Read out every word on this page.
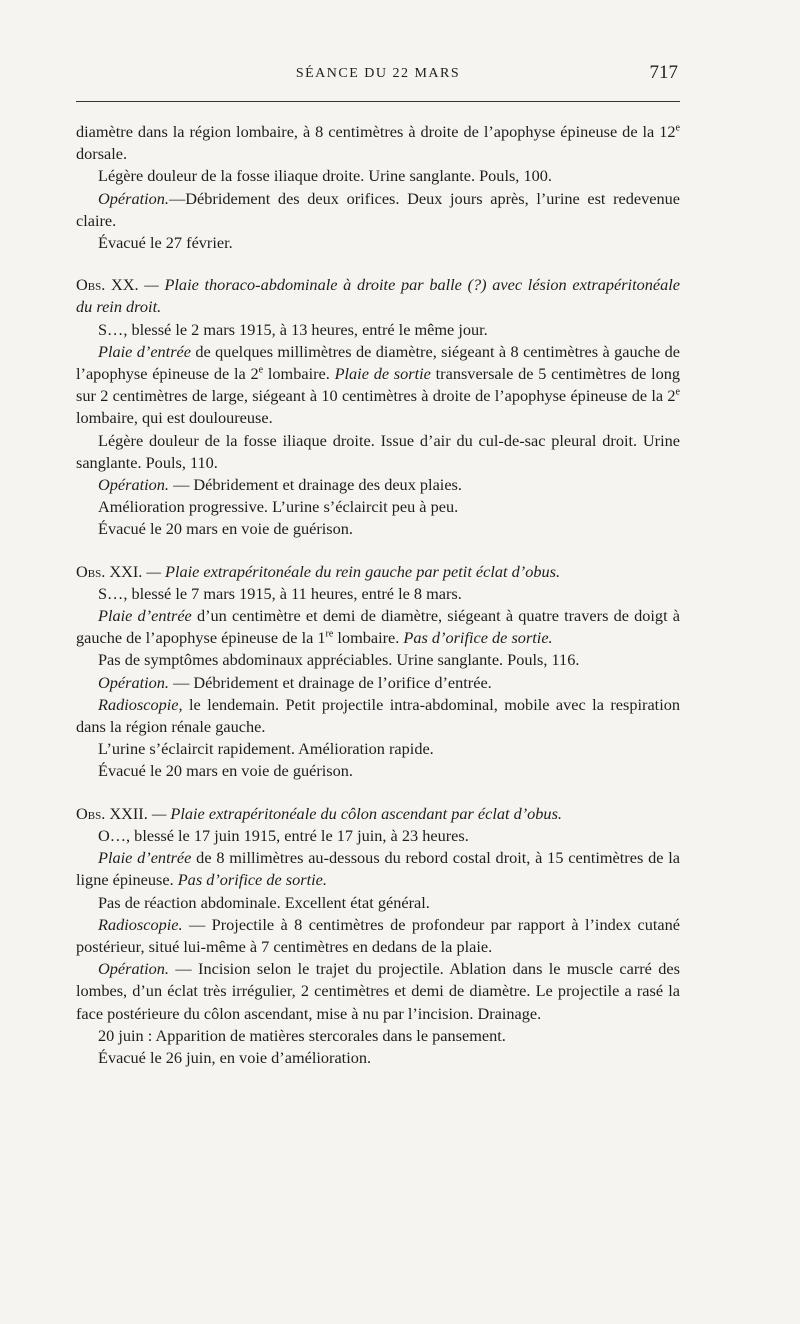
SÉANCE DU 22 MARS	717

diamètre dans la région lombaire, à 8 centimètres à droite de l’apophyse épineuse de la 12e dorsale.

Légère douleur de la fosse iliaque droite. Urine sanglante. Pouls, 100.

Opération.—Débridement des deux orifices. Deux jours après, l’urine est redevenue claire.

Évacué le 27 février.

Obs. XX. — Plaie thoraco-abdominale à droite par balle (?) avec lésion extrapéritonéale du rein droit.

S…, blessé le 2 mars 1915, à 13 heures, entré le même jour.

Plaie d’entrée de quelques millimètres de diamètre, siégeant à 8 centimètres à gauche de l’apophyse épineuse de la 2e lombaire. Plaie de sortie transversale de 5 centimètres de long sur 2 centimètres de large, siégeant à 10 centimètres à droite de l’apophyse épineuse de la 2e lombaire, qui est douloureuse.

Légère douleur de la fosse iliaque droite. Issue d’air du cul-de-sac pleural droit. Urine sanglante. Pouls, 110.

Opération. — Débridement et drainage des deux plaies.

Amélioration progressive. L’urine s’éclaircit peu à peu.

Évacué le 20 mars en voie de guérison.

Obs. XXI. — Plaie extrapéritonéale du rein gauche par petit éclat d’obus.

S…, blessé le 7 mars 1915, à 11 heures, entré le 8 mars.

Plaie d’entrée d’un centimètre et demi de diamètre, siégeant à quatre travers de doigt à gauche de l’apophyse épineuse de la 1re lombaire. Pas d’orifice de sortie.

Pas de symptômes abdominaux appréciables. Urine sanglante. Pouls, 116.

Opération. — Débridement et drainage de l’orifice d’entrée.

Radioscopie, le lendemain. Petit projectile intra-abdominal, mobile avec la respiration dans la région rénale gauche.

L’urine s’éclaircit rapidement. Amélioration rapide.

Évacué le 20 mars en voie de guérison.

Obs. XXII. — Plaie extrapéritonéale du côlon ascendant par éclat d’obus.

O…, blessé le 17 juin 1915, entré le 17 juin, à 23 heures.

Plaie d’entrée de 8 millimètres au-dessous du rebord costal droit, à 15 centimètres de la ligne épineuse. Pas d’orifice de sortie.

Pas de réaction abdominale. Excellent état général.

Radioscopie. — Projectile à 8 centimètres de profondeur par rapport à l’index cutané postérieur, situé lui-même à 7 centimètres en dedans de la plaie.

Opération. — Incision selon le trajet du projectile. Ablation dans le muscle carré des lombes, d’un éclat très irrégulier, 2 centimètres et demi de diamètre. Le projectile a rasé la face postérieure du côlon ascendant, mise à nu par l’incision. Drainage.

20 juin : Apparition de matières stercorales dans le pansement.

Évacué le 26 juin, en voie d’amélioration.
